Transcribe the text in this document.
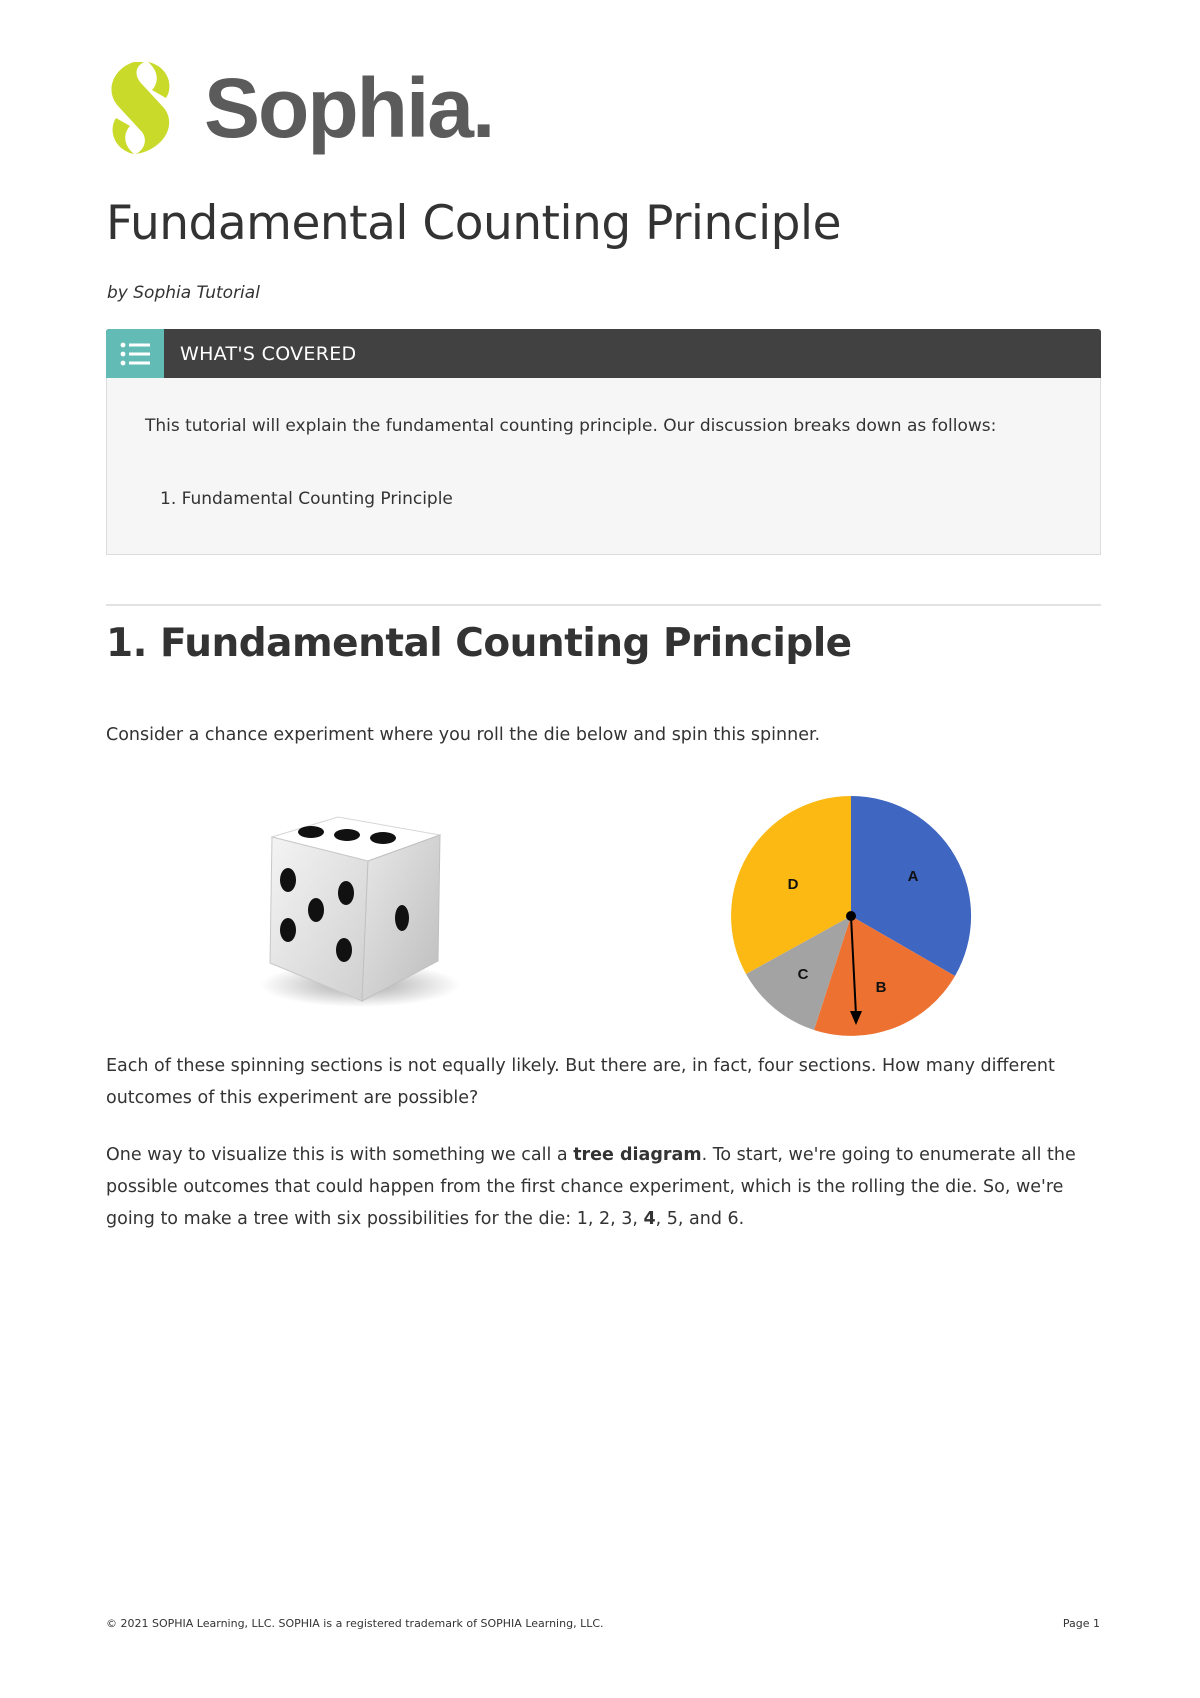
Sophia.
Fundamental Counting Principle
by Sophia Tutorial
WHAT'S COVERED
This tutorial will explain the fundamental counting principle. Our discussion breaks down as follows:
1. Fundamental Counting Principle
1. Fundamental Counting Principle

Consider a chance experiment where you roll the die below and spin this spinner.

A
B
C
D

Each of these spinning sections is not equally likely. But there are, in fact, four sections. How many different outcomes of this experiment are possible?

One way to visualize this is with something we call a tree diagram. To start, we're going to enumerate all the possible outcomes that could happen from the first chance experiment, which is the rolling the die. So, we're going to make a tree with six possibilities for the die: 1, 2, 3, 4, 5, and 6.

© 2021 SOPHIA Learning, LLC. SOPHIA is a registered trademark of SOPHIA Learning, LLC.	Page 1
